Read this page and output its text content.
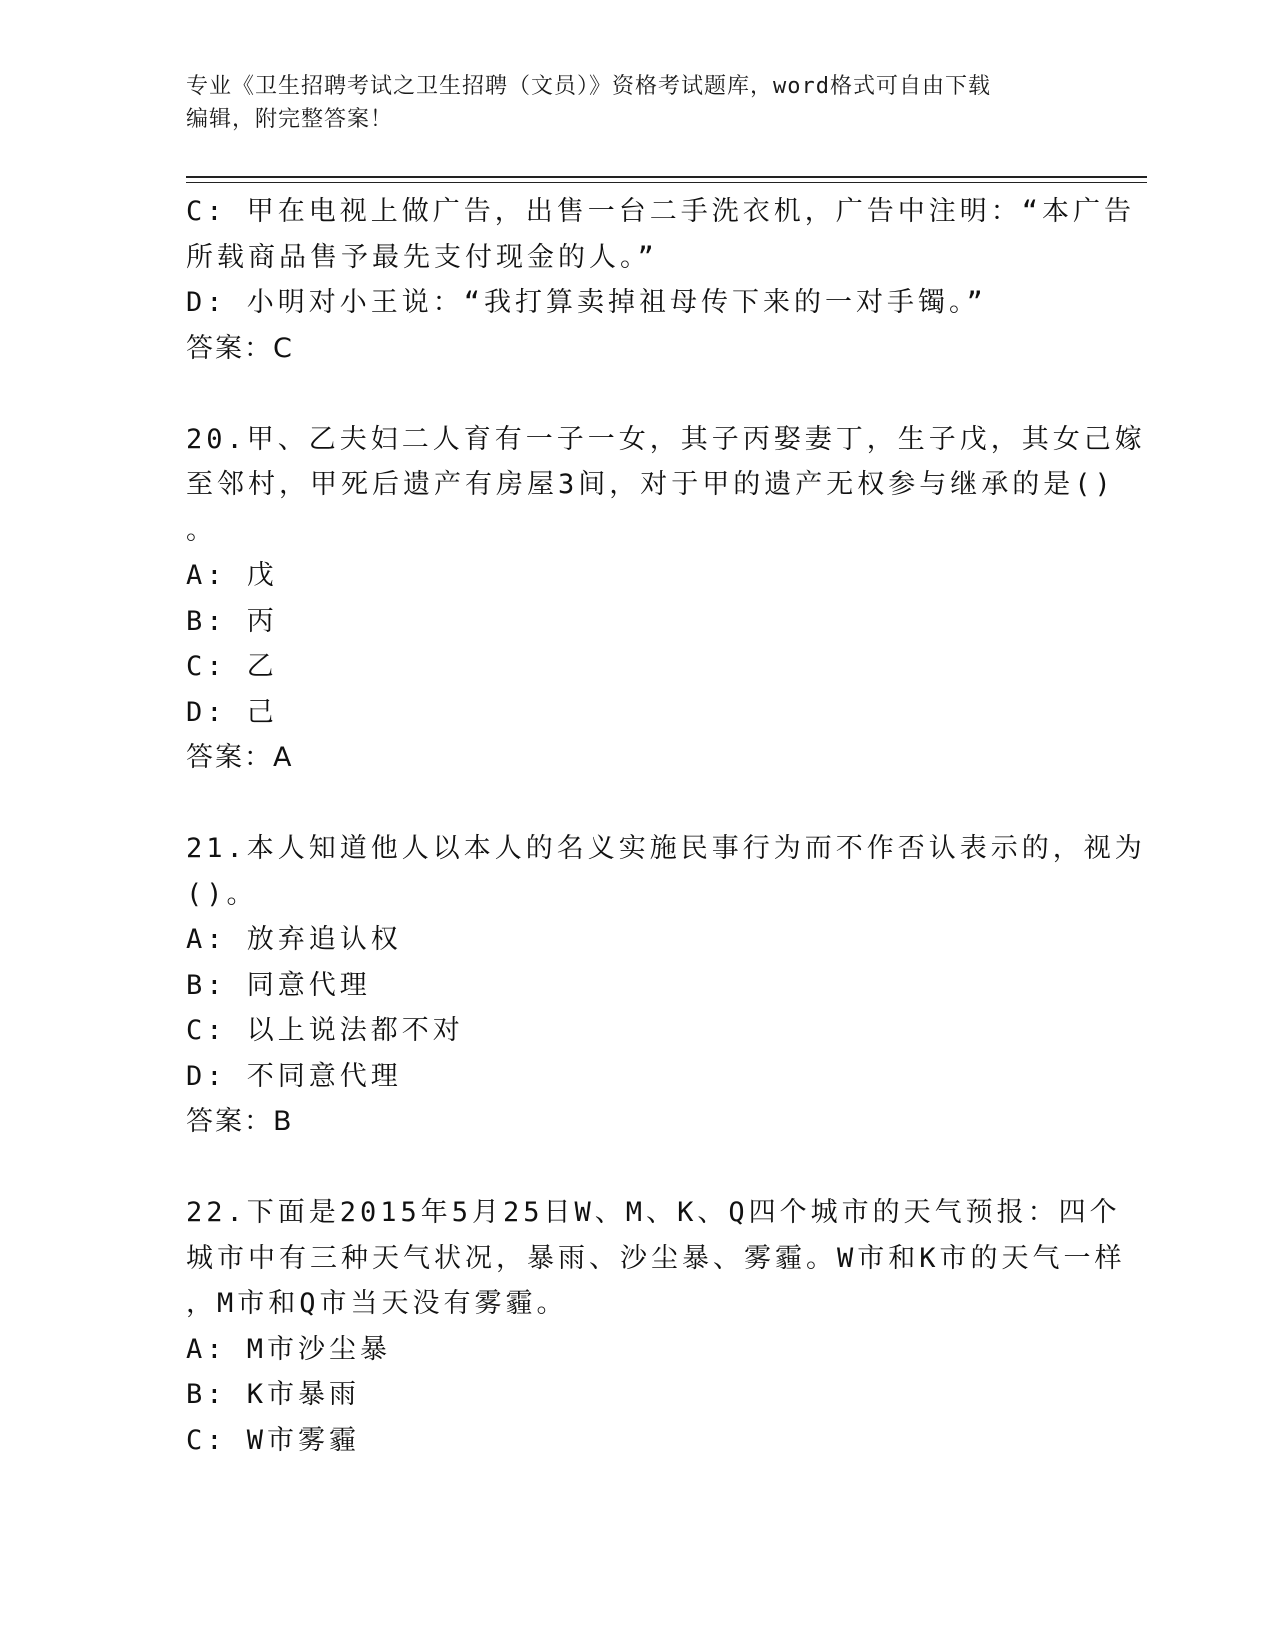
专业《卫生招聘考试之卫生招聘（文员）》资格考试题库，word格式可自由下载
编辑，附完整答案！
C: 甲在电视上做广告，出售一台二手洗衣机，广告中注明：“本广告
所载商品售予最先支付现金的人。”
D: 小明对小王说：“我打算卖掉祖母传下来的一对手镯。”
答案：C
20.甲、乙夫妇二人育有一子一女，其子丙娶妻丁，生子戊，其女己嫁
至邻村，甲死后遗产有房屋3间，对于甲的遗产无权参与继承的是()
。
A: 戊
B: 丙
C: 乙
D: 己
答案：A
21.本人知道他人以本人的名义实施民事行为而不作否认表示的，视为
()。
A: 放弃追认权
B: 同意代理
C: 以上说法都不对
D: 不同意代理
答案：B
22.下面是2015年5月25日W、M、K、Q四个城市的天气预报：四个
城市中有三种天气状况，暴雨、沙尘暴、雾霾。W市和K市的天气一样
，M市和Q市当天没有雾霾。
A: M市沙尘暴
B: K市暴雨
C: W市雾霾
